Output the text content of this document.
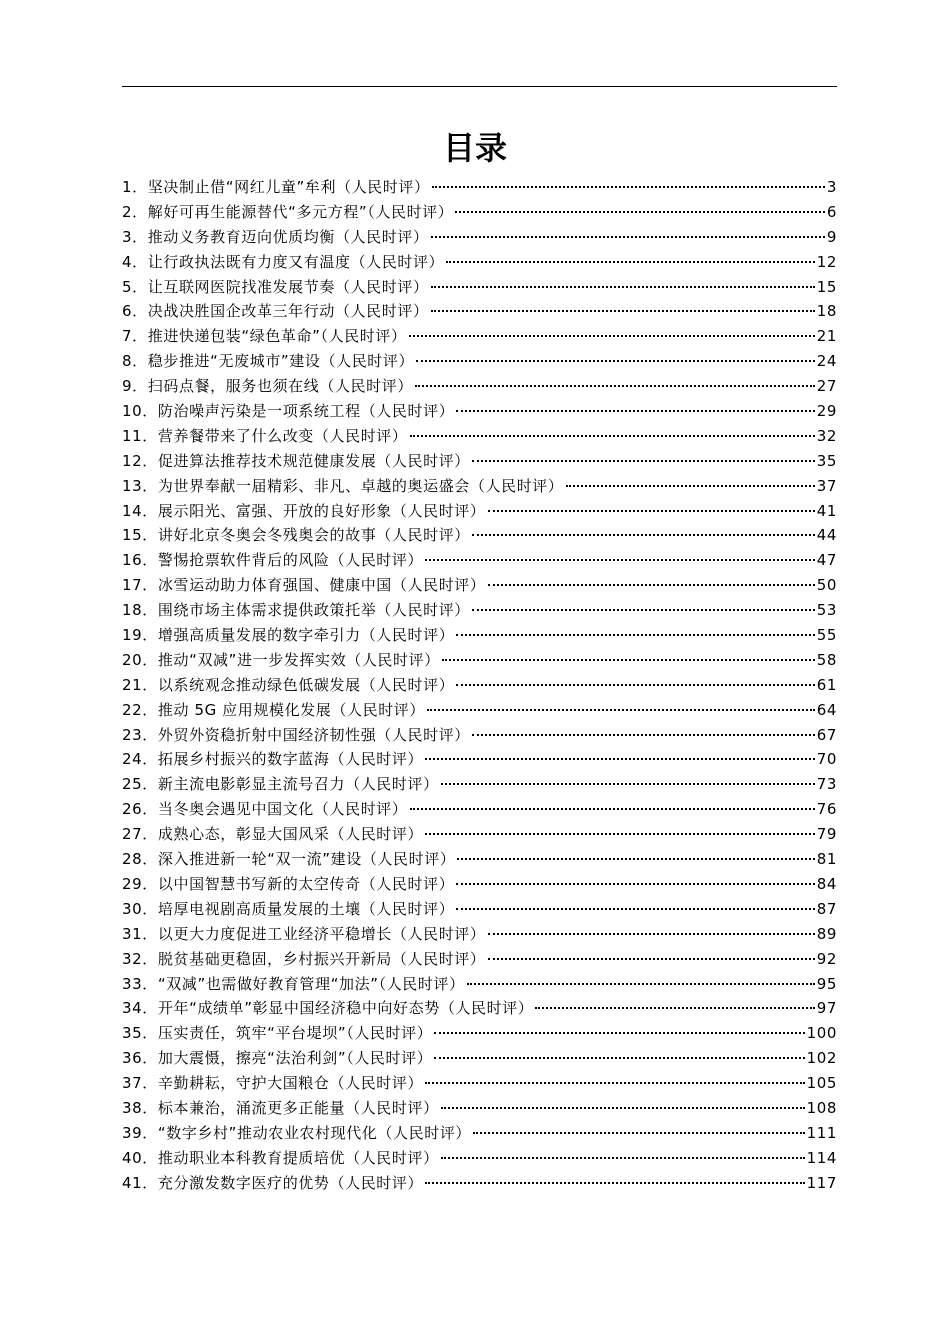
目录
1． 坚决制止借“网红儿童”牟利（人民时评）	3
2． 解好可再生能源替代“多元方程”（人民时评）	6
3． 推动义务教育迈向优质均衡（人民时评）	9
4． 让行政执法既有力度又有温度（人民时评）	12
5． 让互联网医院找准发展节奏（人民时评）	15
6． 决战决胜国企改革三年行动（人民时评）	18
7． 推进快递包装“绿色革命”（人民时评）	21
8． 稳步推进“无废城市”建设（人民时评）	24
9． 扫码点餐，服务也须在线（人民时评）	27
10． 防治噪声污染是一项系统工程（人民时评）	29
11． 营养餐带来了什么改变（人民时评）	32
12． 促进算法推荐技术规范健康发展（人民时评）	35
13． 为世界奉献一届精彩、非凡、卓越的奥运盛会（人民时评）	37
14． 展示阳光、富强、开放的良好形象（人民时评）	41
15． 讲好北京冬奥会冬残奥会的故事（人民时评）	44
16． 警惕抢票软件背后的风险（人民时评）	47
17． 冰雪运动助力体育强国、健康中国（人民时评）	50
18． 围绕市场主体需求提供政策托举（人民时评）	53
19． 增强高质量发展的数字牵引力（人民时评）	55
20． 推动“双减”进一步发挥实效（人民时评）	58
21． 以系统观念推动绿色低碳发展（人民时评）	61
22． 推动 5G 应用规模化发展（人民时评）	64
23． 外贸外资稳折射中国经济韧性强（人民时评）	67
24． 拓展乡村振兴的数字蓝海（人民时评）	70
25． 新主流电影彰显主流号召力（人民时评）	73
26． 当冬奥会遇见中国文化（人民时评）	76
27． 成熟心态，彰显大国风采（人民时评）	79
28． 深入推进新一轮“双一流”建设（人民时评）	81
29． 以中国智慧书写新的太空传奇（人民时评）	84
30． 培厚电视剧高质量发展的土壤（人民时评）	87
31． 以更大力度促进工业经济平稳增长（人民时评）	89
32． 脱贫基础更稳固，乡村振兴开新局（人民时评）	92
33． “双减”也需做好教育管理“加法”（人民时评）	95
34． 开年“成绩单”彰显中国经济稳中向好态势（人民时评）	97
35． 压实责任，筑牢“平台堤坝”（人民时评）	100
36． 加大震慑，擦亮“法治利剑”（人民时评）	102
37． 辛勤耕耘，守护大国粮仓（人民时评）	105
38． 标本兼治，涌流更多正能量（人民时评）	108
39． “数字乡村”推动农业农村现代化（人民时评）	111
40． 推动职业本科教育提质培优（人民时评）	114
41． 充分激发数字医疗的优势（人民时评）	117
